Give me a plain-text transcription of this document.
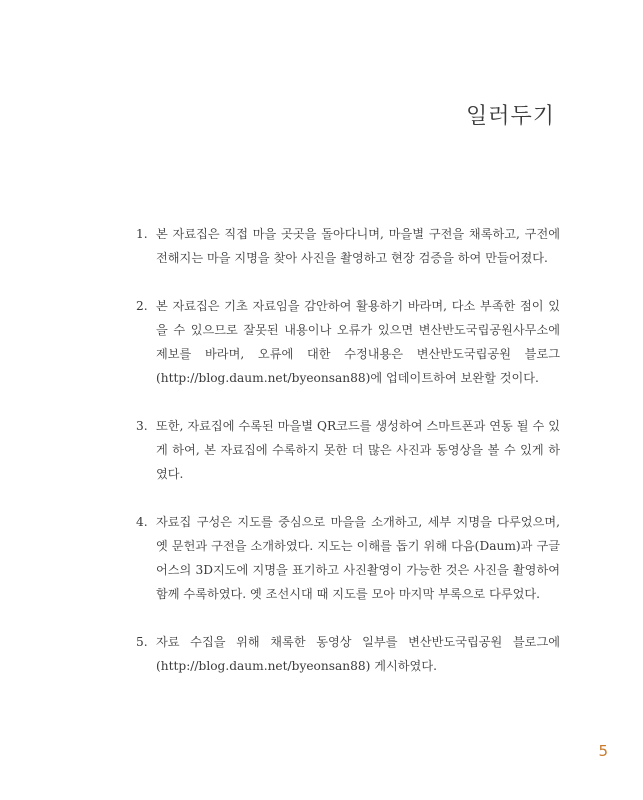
일러두기
1. 본 자료집은 직접 마을 곳곳을 돌아다니며, 마을별 구전을 채록하고, 구전에 전해지는 마을 지명을 찾아 사진을 촬영하고 현장 검증을 하여 만들어졌다.
2. 본 자료집은 기초 자료임을 감안하여 활용하기 바라며, 다소 부족한 점이 있을 수 있으므로 잘못된 내용이나 오류가 있으면 변산반도국립공원사무소에 제보를 바라며, 오류에 대한 수정내용은 변산반도국립공원 블로그(http://blog.daum.net/byeonsan88)에 업데이트하여 보완할 것이다.
3. 또한, 자료집에 수록된 마을별 QR코드를 생성하여 스마트폰과 연동 될 수 있게 하여, 본 자료집에 수록하지 못한 더 많은 사진과 동영상을 볼 수 있게 하였다.
4. 자료집 구성은 지도를 중심으로 마을을 소개하고, 세부 지명을 다루었으며, 옛 문헌과 구전을 소개하였다. 지도는 이해를 돕기 위해 다음(Daum)과 구글어스의 3D지도에 지명을 표기하고 사진촬영이 가능한 것은 사진을 촬영하여 함께 수록하였다. 옛 조선시대 때 지도를 모아 마지막 부록으로 다루었다.
5. 자료 수집을 위해 채록한 동영상 일부를 변산반도국립공원 블로그에(http://blog.daum.net/byeonsan88) 게시하였다.
5
